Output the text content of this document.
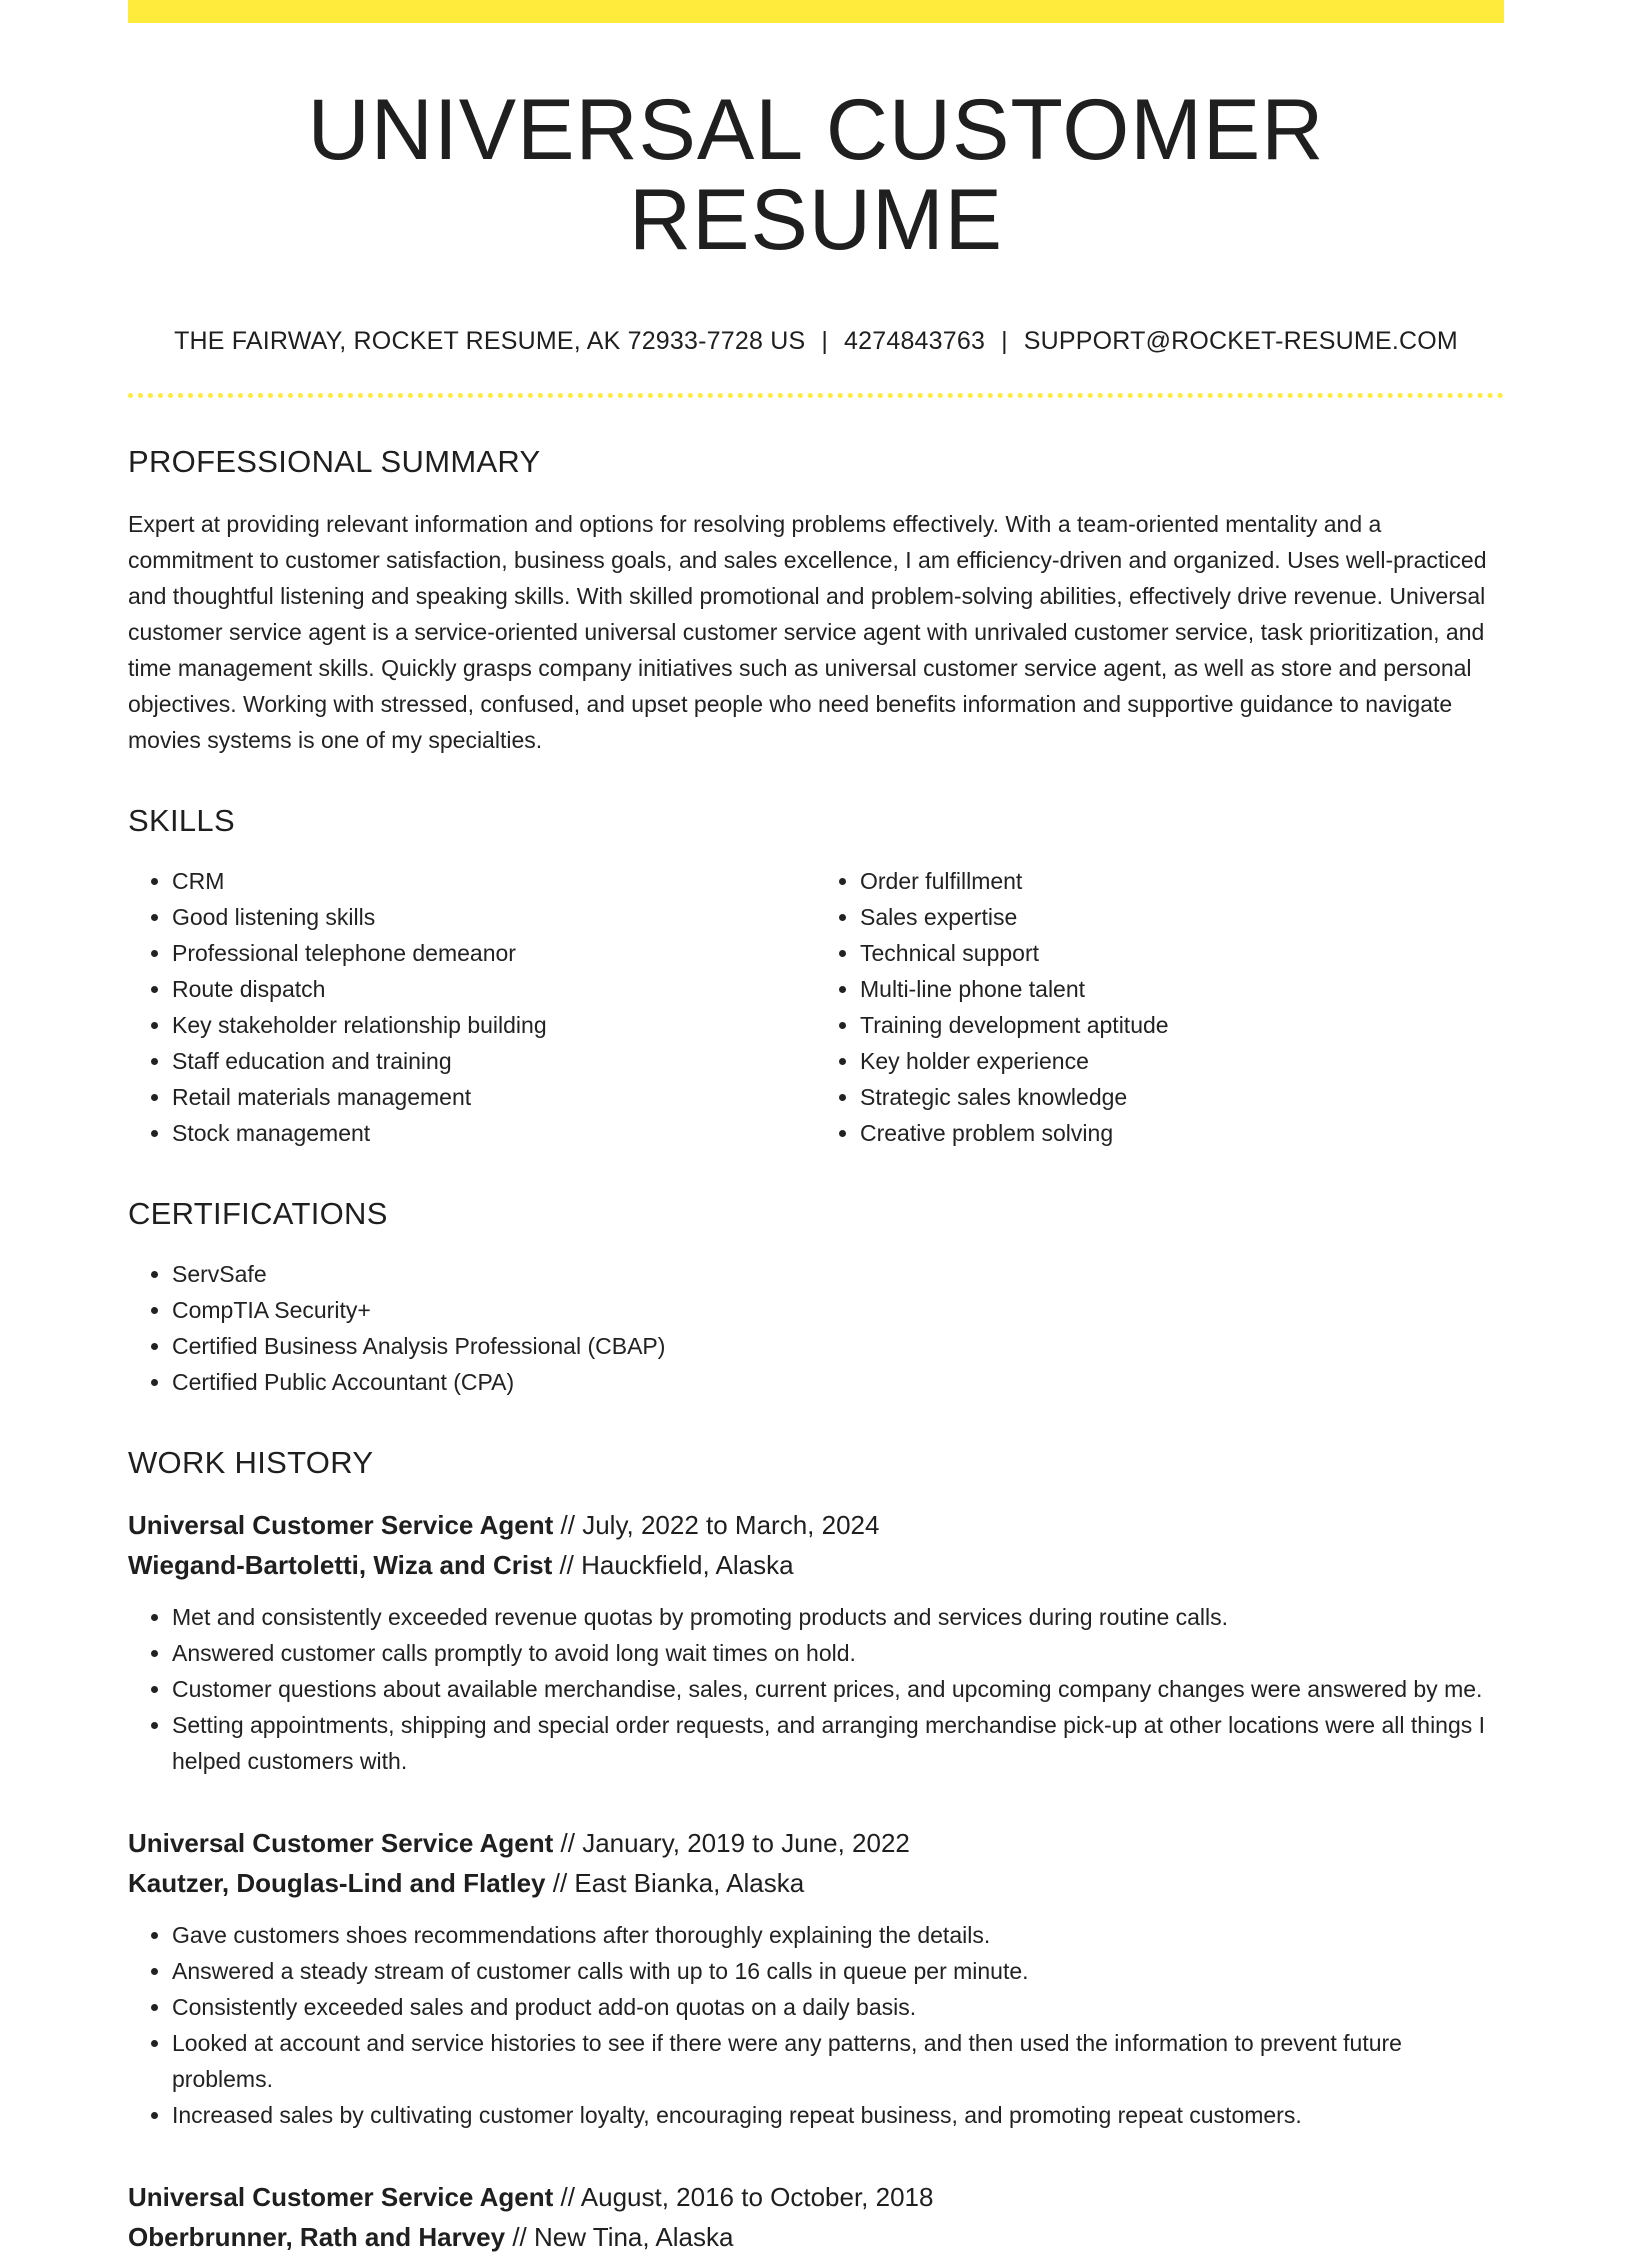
UNIVERSAL CUSTOMER RESUME
THE FAIRWAY, ROCKET RESUME, AK 72933-7728 US | 4274843763 | SUPPORT@ROCKET-RESUME.COM
PROFESSIONAL SUMMARY

Expert at providing relevant information and options for resolving problems effectively. With a team-oriented mentality and a commitment to customer satisfaction, business goals, and sales excellence, I am efficiency-driven and organized. Uses well-practiced and thoughtful listening and speaking skills. With skilled promotional and problem-solving abilities, effectively drive revenue. Universal customer service agent is a service-oriented universal customer service agent with unrivaled customer service, task prioritization, and time management skills. Quickly grasps company initiatives such as universal customer service agent, as well as store and personal objectives. Working with stressed, confused, and upset people who need benefits information and supportive guidance to navigate movies systems is one of my specialties.

SKILLS
• CRM
• Good listening skills
• Professional telephone demeanor
• Route dispatch
• Key stakeholder relationship building
• Staff education and training
• Retail materials management
• Stock management
• Order fulfillment
• Sales expertise
• Technical support
• Multi-line phone talent
• Training development aptitude
• Key holder experience
• Strategic sales knowledge
• Creative problem solving
CERTIFICATIONS
• ServSafe
• CompTIA Security+
• Certified Business Analysis Professional (CBAP)
• Certified Public Accountant (CPA)
WORK HISTORY
Universal Customer Service Agent // July, 2022 to March, 2024
Wiegand-Bartoletti, Wiza and Crist // Hauckfield, Alaska
• Met and consistently exceeded revenue quotas by promoting products and services during routine calls.
• Answered customer calls promptly to avoid long wait times on hold.
• Customer questions about available merchandise, sales, current prices, and upcoming company changes were answered by me.
• Setting appointments, shipping and special order requests, and arranging merchandise pick-up at other locations were all things I helped customers with.
Universal Customer Service Agent // January, 2019 to June, 2022
Kautzer, Douglas-Lind and Flatley // East Bianka, Alaska
• Gave customers shoes recommendations after thoroughly explaining the details.
• Answered a steady stream of customer calls with up to 16 calls in queue per minute.
• Consistently exceeded sales and product add-on quotas on a daily basis.
• Looked at account and service histories to see if there were any patterns, and then used the information to prevent future problems.
• Increased sales by cultivating customer loyalty, encouraging repeat business, and promoting repeat customers.
Universal Customer Service Agent // August, 2016 to October, 2018
Oberbrunner, Rath and Harvey // New Tina, Alaska
